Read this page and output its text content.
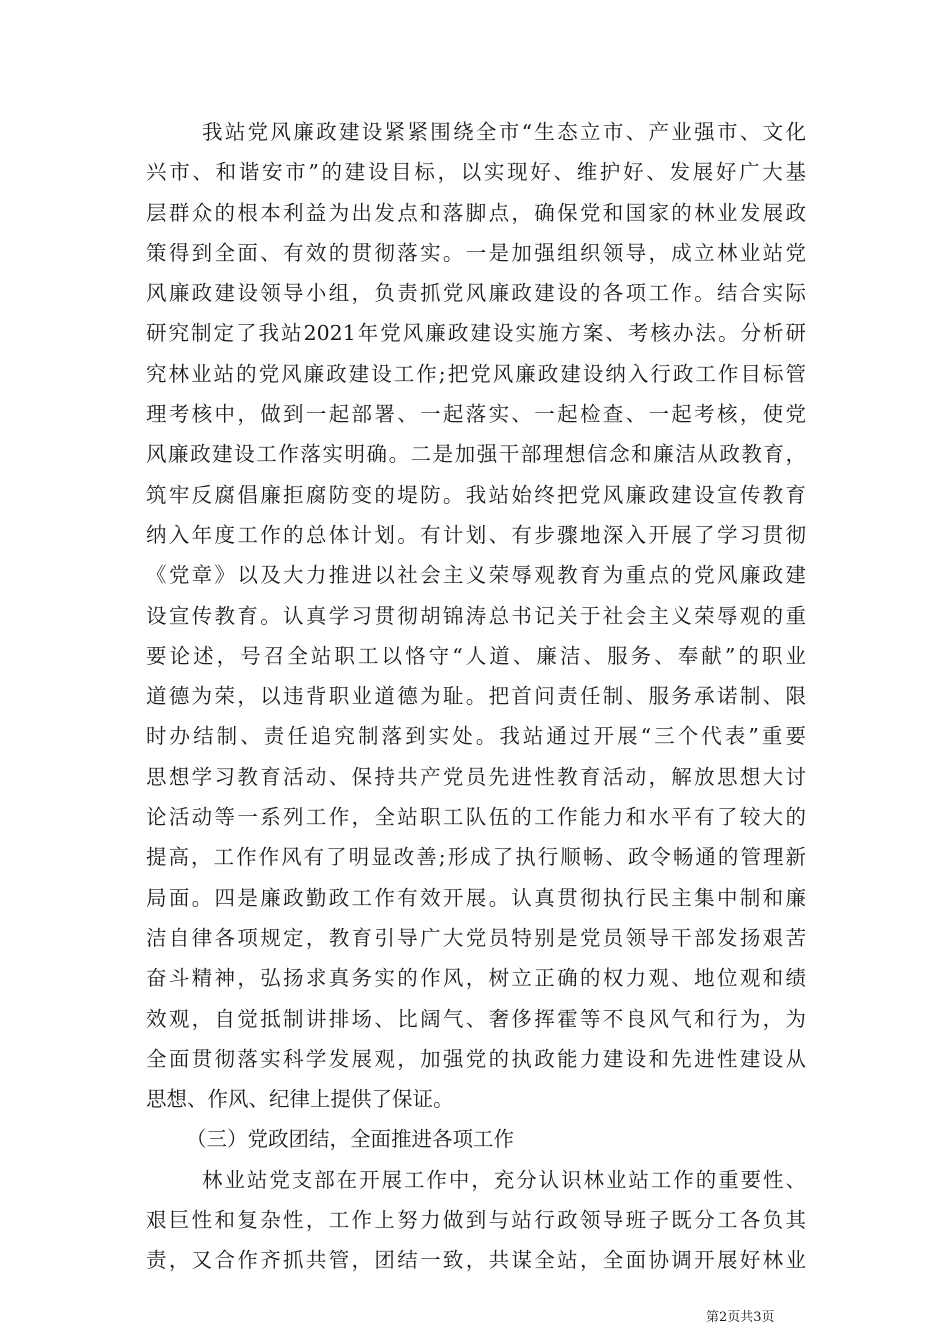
我站党风廉政建设紧紧围绕全市“生态立市、产业强市、文化
兴市、和谐安市”的建设目标，以实现好、维护好、发展好广大基
层群众的根本利益为出发点和落脚点，确保党和国家的林业发展政
策得到全面、有效的贯彻落实。一是加强组织领导，成立林业站党
风廉政建设领导小组，负责抓党风廉政建设的各项工作。结合实际
研究制定了我站2021年党风廉政建设实施方案、考核办法。分析研
究林业站的党风廉政建设工作;把党风廉政建设纳入行政工作目标管
理考核中，做到一起部署、一起落实、一起检查、一起考核，使党
风廉政建设工作落实明确。二是加强干部理想信念和廉洁从政教育，
筑牢反腐倡廉拒腐防变的堤防。我站始终把党风廉政建设宣传教育
纳入年度工作的总体计划。有计划、有步骤地深入开展了学习贯彻
《党章》以及大力推进以社会主义荣辱观教育为重点的党风廉政建
设宣传教育。认真学习贯彻胡锦涛总书记关于社会主义荣辱观的重
要论述，号召全站职工以恪守“人道、廉洁、服务、奉献”的职业
道德为荣，以违背职业道德为耻。把首问责任制、服务承诺制、限
时办结制、责任追究制落到实处。我站通过开展“三个代表”重要
思想学习教育活动、保持共产党员先进性教育活动，解放思想大讨
论活动等一系列工作，全站职工队伍的工作能力和水平有了较大的
提高，工作作风有了明显改善;形成了执行顺畅、政令畅通的管理新
局面。四是廉政勤政工作有效开展。认真贯彻执行民主集中制和廉
洁自律各项规定，教育引导广大党员特别是党员领导干部发扬艰苦
奋斗精神，弘扬求真务实的作风，树立正确的权力观、地位观和绩
效观，自觉抵制讲排场、比阔气、奢侈挥霍等不良风气和行为，为
全面贯彻落实科学发展观，加强党的执政能力建设和先进性建设从
思想、作风、纪律上提供了保证。
（三）党政团结，全面推进各项工作
林业站党支部在开展工作中，充分认识林业站工作的重要性、
艰巨性和复杂性，工作上努力做到与站行政领导班子既分工各负其
责，又合作齐抓共管，团结一致，共谋全站，全面协调开展好林业
第2页共3页
